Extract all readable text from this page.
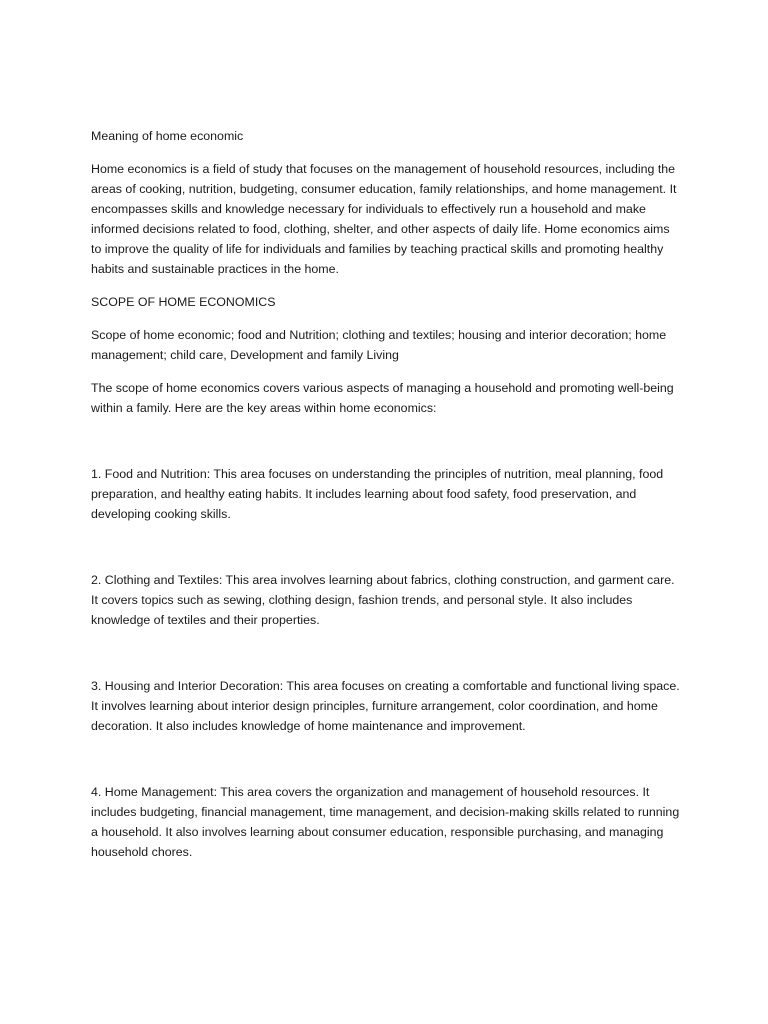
Meaning of home economic

Home economics is a field of study that focuses on the management of household resources, including the areas of cooking, nutrition, budgeting, consumer education, family relationships, and home management. It encompasses skills and knowledge necessary for individuals to effectively run a household and make informed decisions related to food, clothing, shelter, and other aspects of daily life. Home economics aims to improve the quality of life for individuals and families by teaching practical skills and promoting healthy habits and sustainable practices in the home.

SCOPE OF HOME ECONOMICS

Scope of home economic; food and Nutrition; clothing and textiles; housing and interior decoration; home management; child care, Development and family Living

The scope of home economics covers various aspects of managing a household and promoting well-being within a family. Here are the key areas within home economics:

1. Food and Nutrition: This area focuses on understanding the principles of nutrition, meal planning, food preparation, and healthy eating habits. It includes learning about food safety, food preservation, and developing cooking skills.

2. Clothing and Textiles: This area involves learning about fabrics, clothing construction, and garment care. It covers topics such as sewing, clothing design, fashion trends, and personal style. It also includes knowledge of textiles and their properties.

3. Housing and Interior Decoration: This area focuses on creating a comfortable and functional living space. It involves learning about interior design principles, furniture arrangement, color coordination, and home decoration. It also includes knowledge of home maintenance and improvement.

4. Home Management: This area covers the organization and management of household resources. It includes budgeting, financial management, time management, and decision-making skills related to running a household. It also involves learning about consumer education, responsible purchasing, and managing household chores.
